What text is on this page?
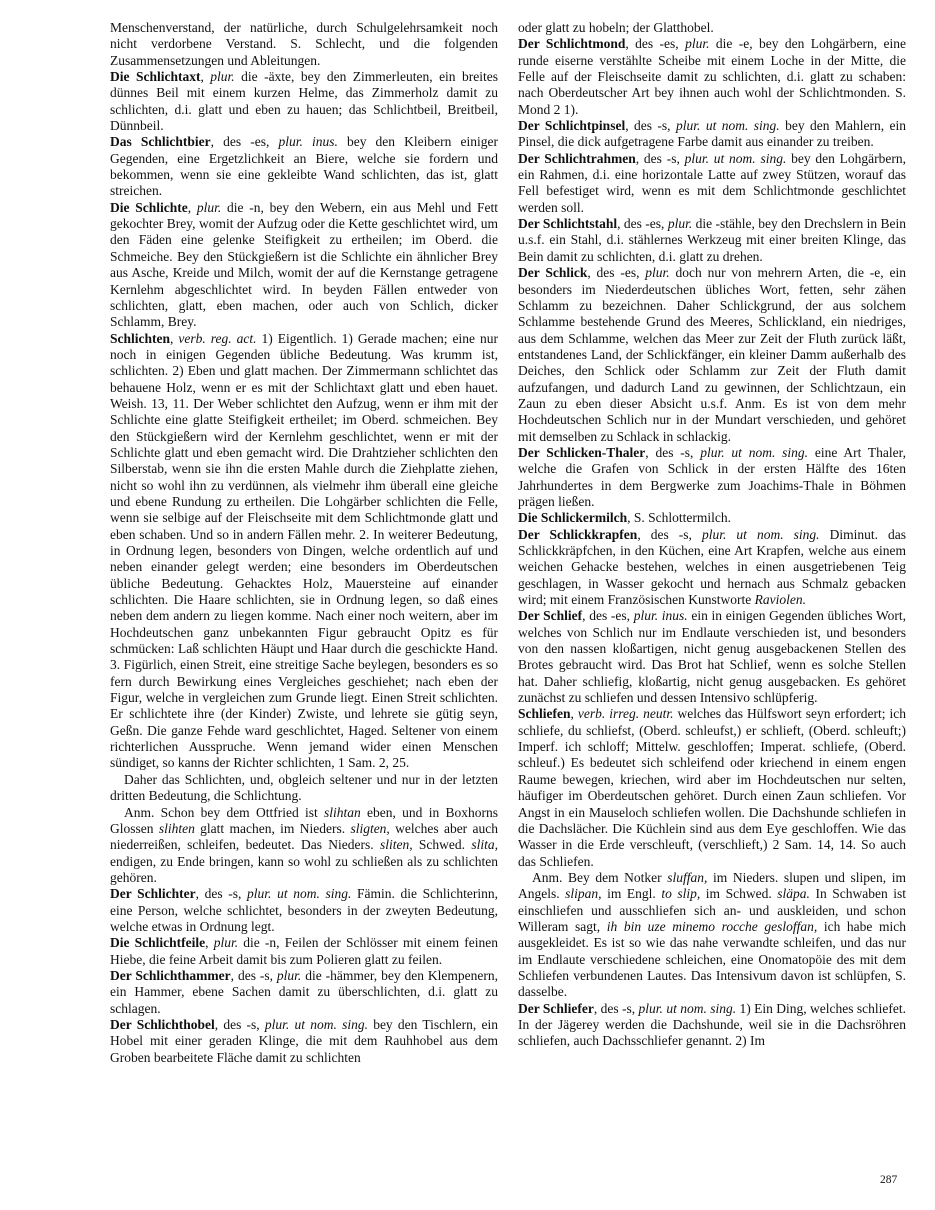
Menschenverstand, der natürliche, durch Schulgelehrsamkeit noch nicht verdorbene Verstand. S. Schlecht, und die folgenden Zusammensetzungen und Ableitungen.

Die Schlichtaxt, plur. die -äxte, bey den Zimmerleuten, ein breites dünnes Beil mit einem kurzen Helme, das Zimmerholz damit zu schlichten, d.i. glatt und eben zu hauen; das Schlichtbeil, Breitbeil, Dünnbeil.

Das Schlichtbier, des -es, plur. inus. bey den Kleibern einiger Gegenden, eine Ergetzlichkeit an Biere, welche sie fordern und bekommen, wenn sie eine gekleibte Wand schlichten, das ist, glatt streichen.

Die Schlichte, plur. die -n, bey den Webern, ein aus Mehl und Fett gekochter Brey, womit der Aufzug oder die Kette geschlichtet wird, um den Fäden eine gelenke Steifigkeit zu ertheilen; im Oberd. die Schmeiche. Bey den Stückgießern ist die Schlichte ein ähnlicher Brey aus Asche, Kreide und Milch, womit der auf die Kernstange getragene Kernlehm abgeschlichtet wird. In beyden Fällen entweder von schlichten, glatt, eben machen, oder auch von Schlich, dicker Schlamm, Brey.

Schlichten, verb. reg. act. 1) Eigentlich. 1) Gerade machen; eine nur noch in einigen Gegenden übliche Bedeutung. Was krumm ist, schlichten. 2) Eben und glatt machen. Der Zimmermann schlichtet das behauene Holz, wenn er es mit der Schlichtaxt glatt und eben hauet. Weish. 13, 11. Der Weber schlichtet den Aufzug, wenn er ihm mit der Schlichte eine glatte Steifigkeit ertheilet; im Oberd. schmeichen. Bey den Stückgießern wird der Kernlehm geschlichtet, wenn er mit der Schlichte glatt und eben gemacht wird. Die Drahtzieher schlichten den Silberstab, wenn sie ihn die ersten Mahle durch die Ziehplatte ziehen, nicht so wohl ihn zu verdünnen, als vielmehr ihm überall eine gleiche und ebene Rundung zu ertheilen. Die Lohgärber schlichten die Felle, wenn sie selbige auf der Fleischseite mit dem Schlichtmonde glatt und eben schaben. Und so in andern Fällen mehr. 2. In weiterer Bedeutung, in Ordnung legen, besonders von Dingen, welche ordentlich auf und neben einander gelegt werden; eine besonders im Oberdeutschen übliche Bedeutung. Gehacktes Holz, Mauersteine auf einander schlichten. Die Haare schlichten, sie in Ordnung legen, so daß eines neben dem andern zu liegen komme. Nach einer noch weitern, aber im Hochdeutschen ganz unbekannten Figur gebraucht Opitz es für schmücken: Laß schlichten Häupt und Haar durch die geschickte Hand. 3. Figürlich, einen Streit, eine streitige Sache beylegen, besonders es so fern durch Bewirkung eines Vergleiches geschiehet; nach eben der Figur, welche in vergleichen zum Grunde liegt. Einen Streit schlichten. Er schlichtete ihre (der Kinder) Zwiste, und lehrete sie gütig seyn, Geßn. Die ganze Fehde ward geschlichtet, Haged. Seltener von einem richterlichen Ausspruche. Wenn jemand wider einen Menschen sündiget, so kanns der Richter schlichten, 1 Sam. 2, 25.

Daher das Schlichten, und, obgleich seltener und nur in der letzten dritten Bedeutung, die Schlichtung.

Anm. Schon bey dem Ottfried ist slihtan eben, und in Boxhorns Glossen slihten glatt machen, im Nieders. sligten, welches aber auch niederreißen, schleifen, bedeutet. Das Nieders. sliten, Schwed. slita, endigen, zu Ende bringen, kann so wohl zu schließen als zu schlichten gehören.

Der Schlichter, des -s, plur. ut nom. sing. Fämin. die Schlichterinn, eine Person, welche schlichtet, besonders in der zweyten Bedeutung, welche etwas in Ordnung legt.

Die Schlichtfeile, plur. die -n, Feilen der Schlösser mit einem feinen Hiebe, die feine Arbeit damit bis zum Polieren glatt zu feilen.

Der Schlichthammer, des -s, plur. die -hämmer, bey den Klempenern, ein Hammer, ebene Sachen damit zu überschlichten, d.i. glatt zu schlagen.

Der Schlichthobel, des -s, plur. ut nom. sing. bey den Tischlern, ein Hobel mit einer geraden Klinge, die mit dem Rauhhobel aus dem Groben bearbeitete Fläche damit zu schlichten

oder glatt zu hobeln; der Glatthobel.

Der Schlichtmond, des -es, plur. die -e, bey den Lohgärbern, eine runde eiserne verstählte Scheibe mit einem Loche in der Mitte, die Felle auf der Fleischseite damit zu schlichten, d.i. glatt zu schaben: nach Oberdeutscher Art bey ihnen auch wohl der Schlichtmonden. S. Mond 2 1).

Der Schlichtpinsel, des -s, plur. ut nom. sing. bey den Mahlern, ein Pinsel, die dick aufgetragene Farbe damit aus einander zu treiben.

Der Schlichtrahmen, des -s, plur. ut nom. sing. bey den Lohgärbern, ein Rahmen, d.i. eine horizontale Latte auf zwey Stützen, worauf das Fell befestiget wird, wenn es mit dem Schlichtmonde geschlichtet werden soll.

Der Schlichtstahl, des -es, plur. die -stähle, bey den Drechslern in Bein u.s.f. ein Stahl, d.i. stählernes Werkzeug mit einer breiten Klinge, das Bein damit zu schlichten, d.i. glatt zu drehen.

Der Schlick, des -es, plur. doch nur von mehrern Arten, die -e, ein besonders im Niederdeutschen übliches Wort, fetten, sehr zähen Schlamm zu bezeichnen. Daher Schlickgrund, der aus solchem Schlamme bestehende Grund des Meeres, Schlickland, ein niedriges, aus dem Schlamme, welchen das Meer zur Zeit der Fluth zurück läßt, entstandenes Land, der Schlickfänger, ein kleiner Damm außerhalb des Deiches, den Schlick oder Schlamm zur Zeit der Fluth damit aufzufangen, und dadurch Land zu gewinnen, der Schlichtzaun, ein Zaun zu eben dieser Absicht u.s.f. Anm. Es ist von dem mehr Hochdeutschen Schlich nur in der Mundart verschieden, und gehöret mit demselben zu Schlack in schlackig.

Der Schlicken-Thaler, des -s, plur. ut nom. sing. eine Art Thaler, welche die Grafen von Schlick in der ersten Hälfte des 16ten Jahrhundertes in dem Bergwerke zum Joachims-Thale in Böhmen prägen ließen.

Die Schlickermilch, S. Schlottermilch.

Der Schlickkrapfen, des -s, plur. ut nom. sing. Diminut. das Schlickkräpfchen, in den Küchen, eine Art Krapfen, welche aus einem weichen Gehacke bestehen, welches in einen ausgetriebenen Teig geschlagen, in Wasser gekocht und hernach aus Schmalz gebacken wird; mit einem Französischen Kunstworte Raviolen.

Der Schlief, des -es, plur. inus. ein in einigen Gegenden übliches Wort, welches von Schlich nur im Endlaute verschieden ist, und besonders von den nassen kloßartigen, nicht genug ausgebackenen Stellen des Brotes gebraucht wird. Das Brot hat Schlief, wenn es solche Stellen hat. Daher schliefig, kloßartig, nicht genug ausgebacken. Es gehöret zunächst zu schliefen und dessen Intensivo schlüpferig.

Schliefen, verb. irreg. neutr. welches das Hülfswort seyn erfordert; ich schliefe, du schliefst, (Oberd. schleufst,) er schlieft, (Oberd. schleuft;) Imperf. ich schloff; Mittelw. geschloffen; Imperat. schliefe, (Oberd. schleuf.) Es bedeutet sich schleifend oder kriechend in einem engen Raume bewegen, kriechen, wird aber im Hochdeutschen nur selten, häufiger im Oberdeutschen gehöret. Durch einen Zaun schliefen. Vor Angst in ein Mauseloch schliefen wollen. Die Dachshunde schliefen in die Dachslächer. Die Küchlein sind aus dem Eye geschloffen. Wie das Wasser in die Erde verschleuft, (verschlieft,) 2 Sam. 14, 14. So auch das Schliefen.

Anm. Bey dem Notker sluffan, im Nieders. slupen und slipen, im Angels. slipan, im Engl. to slip, im Schwed. släpa. In Schwaben ist einschliefen und ausschliefen sich an- und auskleiden, und schon Willeram sagt, ih bin uze minemo rocche gesloffan, ich habe mich ausgekleidet. Es ist so wie das nahe verwandte schleifen, und das nur im Endlaute verschiedene schleichen, eine Onomatopöie des mit dem Schliefen verbundenen Lautes. Das Intensivum davon ist schlüpfen, S. dasselbe.

Der Schliefer, des -s, plur. ut nom. sing. 1) Ein Ding, welches schliefet. In der Jägerey werden die Dachshunde, weil sie in die Dachsröhren schliefen, auch Dachsschliefer genannt. 2) Im

287
